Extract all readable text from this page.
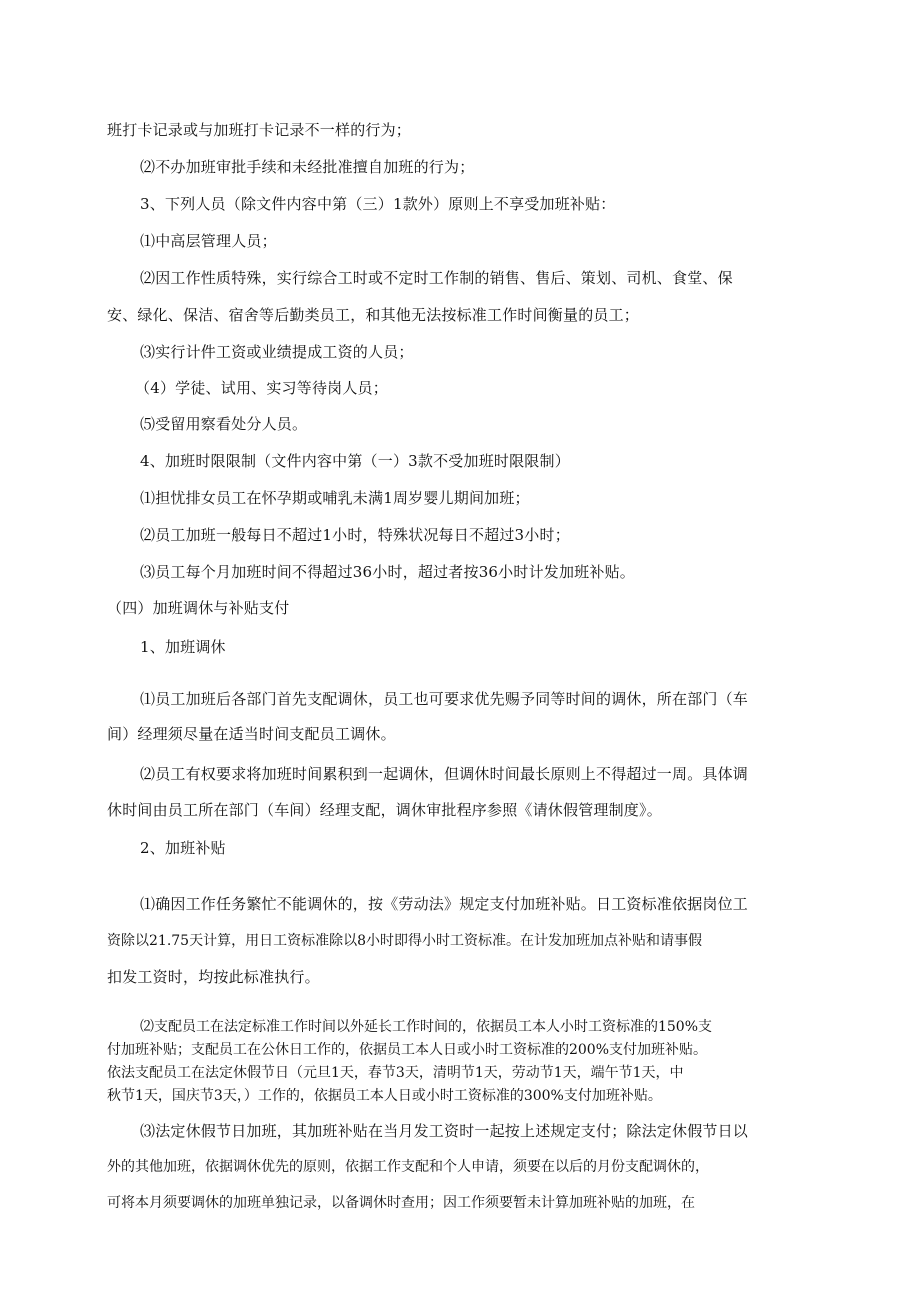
班打卡记录或与加班打卡记录不一样的行为；
⑵不办加班审批手续和未经批准擅自加班的行为；
3、下列人员（除文件内容中第（三）1款外）原则上不享受加班补贴：
⑴中高层管理人员；
⑵因工作性质特殊，实行综合工时或不定时工作制的销售、售后、策划、司机、食堂、保
安、绿化、保洁、宿舍等后勤类员工，和其他无法按标准工作时间衡量的员工；
⑶实行计件工资或业绩提成工资的人员；
（4）学徒、试用、实习等待岗人员；
⑸受留用察看处分人员。
4、加班时限限制（文件内容中第（一）3款不受加班时限限制）
⑴担忧排女员工在怀孕期或哺乳未满1周岁婴儿期间加班；
⑵员工加班一般每日不超过1小时，特殊状况每日不超过3小时；
⑶员工每个月加班时间不得超过36小时，超过者按36小时计发加班补贴。
（四）加班调休与补贴支付
1、加班调休
⑴员工加班后各部门首先支配调休，员工也可要求优先赐予同等时间的调休，所在部门（车
间）经理须尽量在适当时间支配员工调休。
⑵员工有权要求将加班时间累积到一起调休，但调休时间最长原则上不得超过一周。具体调
休时间由员工所在部门（车间）经理支配，调休审批程序参照《请休假管理制度》。
2、加班补贴
⑴确因工作任务繁忙不能调休的，按《劳动法》规定支付加班补贴。日工资标准依据岗位工
资除以21.75天计算，用日工资标准除以8小时即得小时工资标准。在计发加班加点补贴和请事假
扣发工资时，均按此标准执行。
⑵支配员工在法定标准工作时间以外延长工作时间的，依据员工本人小时工资标准的150%支
付加班补贴；支配员工在公休日工作的，依据员工本人日或小时工资标准的200%支付加班补贴。
依法支配员工在法定休假节日（元旦1天，春节3天，清明节1天，劳动节1天，端午节1天，中
秋节1天，国庆节3天，）工作的，依据员工本人日或小时工资标准的300%支付加班补贴。
⑶法定休假节日加班，其加班补贴在当月发工资时一起按上述规定支付；除法定休假节日以
外的其他加班，依据调休优先的原则，依据工作支配和个人申请，须要在以后的月份支配调休的，
可将本月须要调休的加班单独记录，以备调休时查用；因工作须要暂未计算加班补贴的加班，在
